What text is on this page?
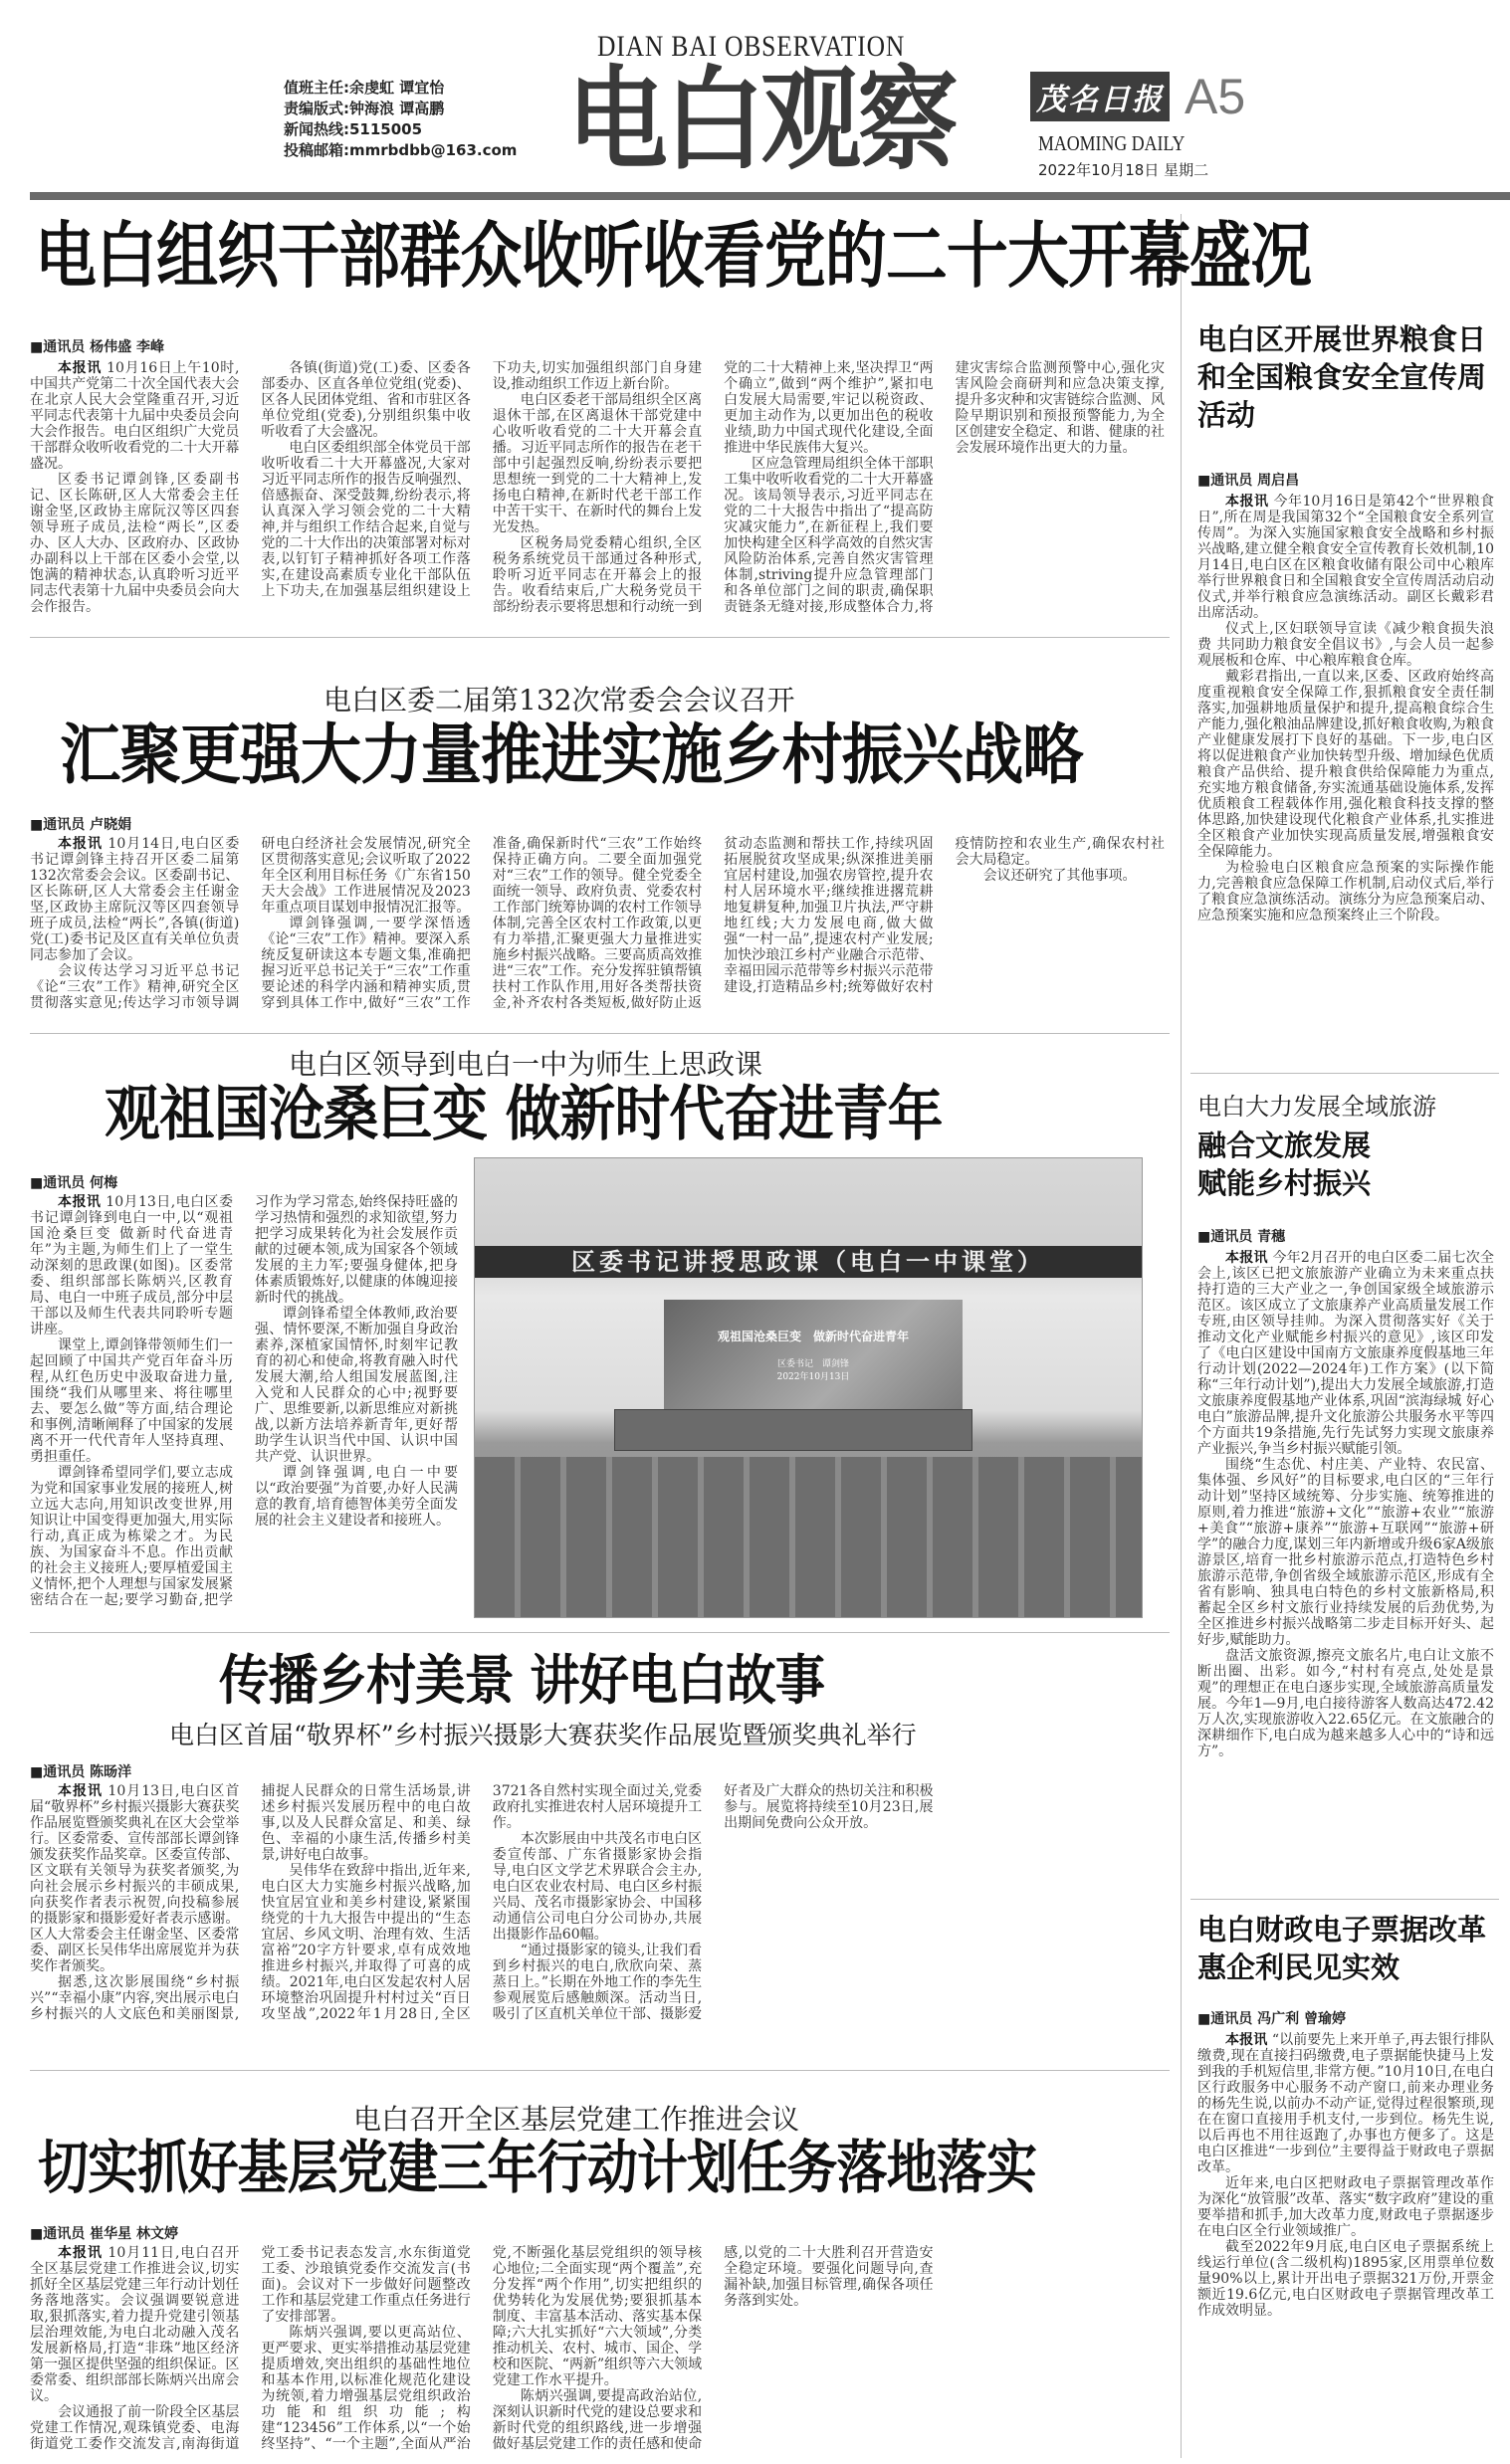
DIAN BAI OBSERVATION
值班主任:余虔虹 谭宜怡
责编版式:钟海浪 谭高鹏
新闻热线:5115005
投稿邮箱:mmrbdbb@163.com 电白观察	茂名日报 A5
MAOMING DAILY
2022年10月18日 星期二
电白组织干部群众收听收看党的二十大开幕盛况
■通讯员 杨伟盛 李峰

本报讯 10月16日上午10时,中国共产党第二十次全国代表大会在北京人民大会堂隆重召开,习近平同志代表第十九届中央委员会向大会作报告。电白区组织广大党员干部群众收听收看党的二十大开幕盛况。

区委书记谭剑锋,区委副书记、区长陈研,区人大常委会主任谢金坚,区政协主席阮汉等区四套领导班子成员,法检“两长”,区委办、区人大办、区政府办、区政协办副科以上干部在区委小会堂,以饱满的精神状态,认真聆听习近平同志代表第十九届中央委员会向大会作报告。

各镇(街道)党(工)委、区委各部委办、区直各单位党组(党委)、区各人民团体党组、省和市驻区各单位党组(党委),分别组织集中收听收看了大会盛况。

电白区委组织部全体党员干部收听收看二十大开幕盛况,大家对习近平同志所作的报告反响强烈、倍感振奋、深受鼓舞,纷纷表示,将认真深入学习领会党的二十大精神,并与组织工作结合起来,自觉与党的二十大作出的决策部署对标对表,以钉钉子精神抓好各项工作落实,在建设高素质专业化干部队伍上下功夫,在加强基层组织建设上下功夫,切实加强组织部门自身建设,推动组织工作迈上新台阶。

电白区委老干部局组织全区离退休干部,在区离退休干部党建中心收听收看党的二十大开幕会直播。习近平同志所作的报告在老干部中引起强烈反响,纷纷表示要把思想统一到党的二十大精神上,发扬电白精神,在新时代老干部工作中苦干实干、在新时代的舞台上发光发热。

区税务局党委精心组织,全区税务系统党员干部通过各种形式,聆听习近平同志在开幕会上的报告。收看结束后,广大税务党员干部纷纷表示要将思想和行动统一到党的二十大精神上来,坚决捍卫“两个确立”,做到“两个维护”,紧扣电白发展大局需要,牢记以税资政、更加主动作为,以更加出色的税收业绩,助力中国式现代化建设,全面推进中华民族伟大复兴。

区应急管理局组织全体干部职工集中收听收看党的二十大开幕盛况。该局领导表示,习近平同志在党的二十大报告中指出了“提高防灾减灾能力”,在新征程上,我们要加快构建全区科学高效的自然灾害风险防治体系,完善自然灾害管理体制,striving提升应急管理部门和各单位部门之间的职责,确保职责链条无缝对接,形成整体合力,将建灾害综合监测预警中心,强化灾害风险会商研判和应急决策支撑,提升多灾种和灾害链综合监测、风险早期识别和预报预警能力,为全区创建安全稳定、和谐、健康的社会发展环境作出更大的力量。

电白区委二届第132次常委会会议召开
汇聚更强大力量推进实施乡村振兴战略
■通讯员 卢晓娟

本报讯 10月14日,电白区委书记谭剑锋主持召开区委二届第132次常委会会议。区委副书记、区长陈研,区人大常委会主任谢金坚,区政协主席阮汉等区四套领导班子成员,法检“两长”,各镇(街道)党(工)委书记及区直有关单位负责同志参加了会议。

会议传达学习习近平总书记《论“三农”工作》精神,研究全区贯彻落实意见;传达学习市领导调研电白经济社会发展情况,研究全区贯彻落实意见;会议听取了2022年全区利用目标任务《广东省150天大会战》工作进展情况及2023年重点项目谋划申报情况汇报等。

谭剑锋强调,一要学深悟透《论“三农”工作》精神。要深入系统反复研读这本专题文集,准确把握习近平总书记关于“三农”工作重要论述的科学内涵和精神实质,贯穿到具体工作中,做好“三农”工作准备,确保新时代“三农”工作始终保持正确方向。二要全面加强党对“三农”工作的领导。健全党委全面统一领导、政府负责、党委农村工作部门统筹协调的农村工作领导体制,完善全区农村工作政策,以更有力举措,汇聚更强大力量推进实施乡村振兴战略。三要高质高效推进“三农”工作。充分发挥驻镇帮镇扶村工作队作用,用好各类帮扶资金,补齐农村各类短板,做好防止返贫动态监测和帮扶工作,持续巩固拓展脱贫攻坚成果;纵深推进美丽宜居村建设,加强农房管控,提升农村人居环境水平;继续推进撂荒耕地复耕复种,加强卫片执法,严守耕地红线;大力发展电商,做大做强“一村一品”,提速农村产业发展;加快沙琅江乡村产业融合示范带、幸福田园示范带等乡村振兴示范带建设,打造精品乡村;统筹做好农村疫情防控和农业生产,确保农村社会大局稳定。

会议还研究了其他事项。

电白区领导到电白一中为师生上思政课
观祖国沧桑巨变 做新时代奋进青年
■通讯员 何梅

本报讯 10月13日,电白区委书记谭剑锋到电白一中,以“观祖国沧桑巨变 做新时代奋进青年”为主题,为师生们上了一堂生动深刻的思政课(如图)。区委常委、组织部部长陈炳兴,区教育局、电白一中班子成员,部分中层干部以及师生代表共同聆听专题讲座。

课堂上,谭剑锋带领师生们一起回顾了中国共产党百年奋斗历程,从红色历史中汲取奋进力量,围绕“我们从哪里来、将往哪里去、要怎么做”等方面,结合理论和事例,清晰阐释了中国家的发展离不开一代代青年人坚持真理、勇担重任。

谭剑锋希望同学们,要立志成为党和国家事业发展的接班人,树立远大志向,用知识改变世界,用知识让中国变得更加强大,用实际行动,真正成为栋梁之才。为民族、为国家奋斗不息。作出贡献的社会主义接班人;要厚植爱国主义情怀,把个人理想与国家发展紧密结合在一起;要学习勤奋,把学习作为学习常态,始终保持旺盛的学习热情和强烈的求知欲望,努力把学习成果转化为社会发展作贡献的过硬本领,成为国家各个领域发展的主力军;要强身健体,把身体素质锻炼好,以健康的体魄迎接新时代的挑战。

谭剑锋希望全体教师,政治要强、情怀要深,不断加强自身政治素养,深植家国情怀,时刻牢记教育的初心和使命,将教育融入时代发展大潮,给人组国发展蓝图,注入党和人民群众的心中;视野要广、思维要新,以新思维应对新挑战,以新方法培养新青年,更好帮助学生认识当代中国、认识中国共产党、认识世界。

谭剑锋强调,电白一中要以“政治要强”为首要,办好人民满意的教育,培育德智体美劳全面发展的社会主义建设者和接班人。

区委书记讲授思政课（电白一中课堂）
观祖国沧桑巨变　做新时代奋进青年
区委书记　谭剑锋
2022年10月13日
传播乡村美景 讲好电白故事
电白区首届“敬界杯”乡村振兴摄影大赛获奖作品展览暨颁奖典礼举行
■通讯员 陈旸洋

本报讯 10月13日,电白区首届“敬界杯”乡村振兴摄影大赛获奖作品展览暨颁奖典礼在区大会堂举行。区委常委、宣传部部长谭剑锋颁发获奖作品奖章。区委宣传部、区文联有关领导为获奖者颁奖,为向社会展示乡村振兴的丰硕成果,向获奖作者表示祝贺,向投稿参展的摄影家和摄影爱好者表示感谢。区人大常委会主任谢金坚、区委常委、副区长吴伟华出席展览并为获奖作者颁奖。

据悉,这次影展围绕“乡村振兴”“幸福小康”内容,突出展示电白乡村振兴的人文底色和美丽图景,捕捉人民群众的日常生活场景,讲述乡村振兴发展历程中的电白故事,以及人民群众富足、和美、绿色、幸福的小康生活,传播乡村美景,讲好电白故事。

吴伟华在致辞中指出,近年来,电白区大力实施乡村振兴战略,加快宜居宜业和美乡村建设,紧紧围绕党的十九大报告中提出的“生态宜居、乡风文明、治理有效、生活富裕”20字方针要求,卓有成效地推进乡村振兴,并取得了可喜的成绩。2021年,电白区发起农村人居环境整治巩固提升村村过关“百日攻坚战”,2022年1月28日,全区3721各自然村实现全面过关,党委政府扎实推进农村人居环境提升工作。

本次影展由中共茂名市电白区委宣传部、广东省摄影家协会指导,电白区文学艺术界联合会主办,电白区农业农村局、电白区乡村振兴局、茂名市摄影家协会、中国移动通信公司电白分公司协办,共展出摄影作品60幅。

“通过摄影家的镜头,让我们看到乡村振兴的电白,欣欣向荣、蒸蒸日上。”长期在外地工作的李先生参观展览后感触颇深。活动当日,吸引了区直机关单位干部、摄影爱好者及广大群众的热切关注和积极参与。展览将持续至10月23日,展出期间免费向公众开放。

电白召开全区基层党建工作推进会议
切实抓好基层党建三年行动计划任务落地落实
■通讯员 崔华星 林文婷

本报讯 10月11日,电白召开全区基层党建工作推进会议,切实抓好全区基层党建三年行动计划任务落地落实。会议强调要锐意进取,狠抓落实,着力提升党建引领基层治理效能,为电白北动融入茂名发展新格局,打造“非珠”地区经济第一强区提供坚强的组织保证。区委常委、组织部部长陈炳兴出席会议。

会议通报了前一阶段全区基层党建工作情况,观珠镇党委、电海街道党工委作交流发言,南海街道党工委书记表态发言,水东街道党工委、沙琅镇党委作交流发言(书面)。会议对下一步做好问题整改工作和基层党建工作重点任务进行了安排部署。

陈炳兴强调,要以更高站位、更严要求、更实举措推动基层党建提质增效,突出组织的基础性地位和基本作用,以标准化规范化建设为统领,着力增强基层党组织政治功能和组织功能;构建“123456”工作体系,以“一个始终坚持”、“一个主题”,全面从严治党,不断强化基层党组织的领导核心地位;二全面实现“两个覆盖”,充分发挥“两个作用”,切实把组织的优势转化为发展优势;要狠抓基本制度、丰富基本活动、落实基本保障;六大扎实抓好“六大领域”,分类推动机关、农村、城市、国企、学校和医院、“两新”组织等六大领域党建工作水平提升。

陈炳兴强调,要提高政治站位,深刻认识新时代党的建设总要求和新时代党的组织路线,进一步增强做好基层党建工作的责任感和使命感,以党的二十大胜利召开营造安全稳定环境。要强化问题导向,查漏补缺,加强目标管理,确保各项任务落到实处。

电白区开展世界粮食日和全国粮食安全宣传周活动
■通讯员 周启昌

本报讯 今年10月16日是第42个“世界粮食日”,所在周是我国第32个“全国粮食安全系列宣传周”。为深入实施国家粮食安全战略和乡村振兴战略,建立健全粮食安全宣传教育长效机制,10月14日,电白区在区粮食收储有限公司中心粮库举行世界粮食日和全国粮食安全宣传周活动启动仪式,并举行粮食应急演练活动。副区长戴彩君出席活动。

仪式上,区妇联领导宣读《减少粮食损失浪费 共同助力粮食安全倡议书》,与会人员一起参观展板和仓库、中心粮库粮食仓库。

戴彩君指出,一直以来,区委、区政府始终高度重视粮食安全保障工作,狠抓粮食安全责任制落实,加强耕地质量保护和提升,提高粮食综合生产能力,强化粮油品牌建设,抓好粮食收购,为粮食产业健康发展打下良好的基础。下一步,电白区将以促进粮食产业加快转型升级、增加绿色优质粮食产品供给、提升粮食供给保障能力为重点,充实地方粮食储备,夯实流通基础设施体系,发挥优质粮食工程载体作用,强化粮食科技支撑的整体思路,加快建设现代化粮食产业体系,扎实推进全区粮食产业加快实现高质量发展,增强粮食安全保障能力。

为检验电白区粮食应急预案的实际操作能力,完善粮食应急保障工作机制,启动仪式后,举行了粮食应急演练活动。演练分为应急预案启动、应急预案实施和应急预案终止三个阶段。

电白大力发展全域旅游
融合文旅发展 赋能乡村振兴
■通讯员 青穗

本报讯 今年2月召开的电白区委二届七次全会上,该区已把文旅旅游产业确立为未来重点扶持打造的三大产业之一,争创国家级全域旅游示范区。该区成立了文旅康养产业高质量发展工作专班,由区领导挂帅。为深入贯彻落实好《关于推动文化产业赋能乡村振兴的意见》,该区印发了《电白区建设中国南方文旅康养度假基地三年行动计划(2022—2024年)工作方案》(以下简称“三年行动计划”),提出大力发展全域旅游,打造文旅康养度假基地产业体系,巩固“滨海绿城 好心电白”旅游品牌,提升文化旅游公共服务水平等四个方面共19条措施,先行先试努力实现文旅康养产业振兴,争当乡村振兴赋能引领。

围绕“生态优、村庄美、产业特、农民富、集体强、乡风好”的目标要求,电白区的“三年行动计划”坚持区域统筹、分步实施、统筹推进的原则,着力推进“旅游+文化”“旅游+农业”“旅游+美食”“旅游+康养”“旅游+互联网”“旅游+研学”的融合力度,谋划三年内新增或升级6家A级旅游景区,培育一批乡村旅游示范点,打造特色乡村旅游示范带,争创省级全域旅游示范区,形成有全省有影响、独具电白特色的乡村文旅新格局,积蓄起全区乡村文旅行业持续发展的后劲优势,为全区推进乡村振兴战略第二步走目标开好头、起好步,赋能助力。

盘活文旅资源,擦亮文旅名片,电白让文旅不断出圈、出彩。如今,“村村有亮点,处处是景观”的理想正在电白逐步实现,全域旅游高质量发展。今年1—9月,电白接待游客人数高达472.42万人次,实现旅游收入22.65亿元。在文旅融合的深耕细作下,电白成为越来越多人心中的“诗和远方”。

电白财政电子票据改革惠企利民见实效
■通讯员 冯广利 曾瑜婷

本报讯 “以前要先上来开单子,再去银行排队缴费,现在直接扫码缴费,电子票据能快捷马上发到我的手机短信里,非常方便。”10月10日,在电白区行政服务中心服务不动产窗口,前来办理业务的杨先生说,以前办不动产证,觉得过程很繁琐,现在在窗口直接用手机支付,一步到位。杨先生说,以后再也不用往返跑了,办事也方便多了。这是电白区推进“一步到位”主要得益于财政电子票据改革。

近年来,电白区把财政电子票据管理改革作为深化“放管服”改革、落实“数字政府”建设的重要举措和抓手,加大改革力度,财政电子票据逐步在电白区全行业领域推广。

截至2022年9月底,电白区电子票据系统上线运行单位(含二级机构)1895家,区用票单位数量90%以上,累计开出电子票据321万份,开票金额近19.6亿元,电白区财政电子票据管理改革工作成效明显。
